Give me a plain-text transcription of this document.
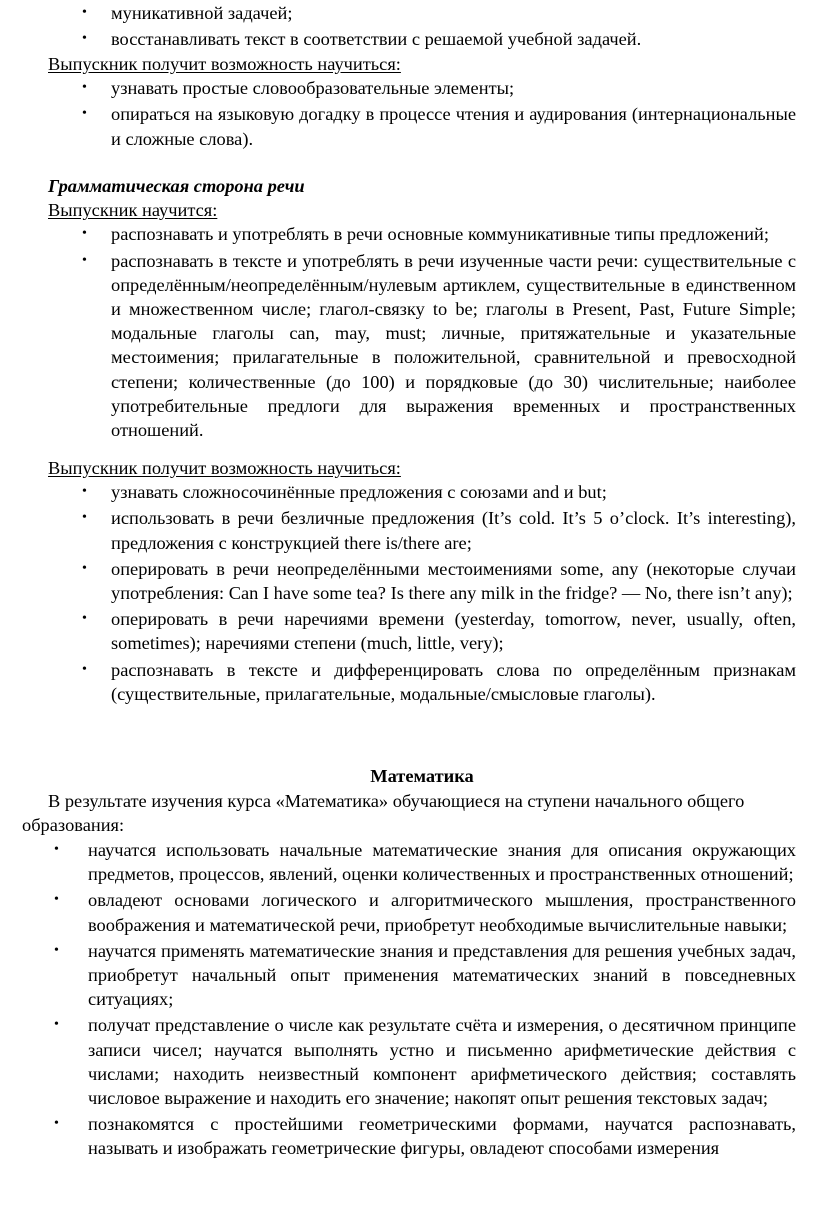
• муникативной задачей;
• восстанавливать текст в соответствии с решаемой учебной задачей.
Выпускник получит возможность научиться:
• узнавать простые словообразовательные элементы;
• опираться на языковую догадку в процессе чтения и аудирования (интернациональные и сложные слова).
Грамматическая сторона речи
Выпускник научится:
• распознавать и употреблять в речи основные коммуникативные типы предложений;
• распознавать в тексте и употреблять в речи изученные части речи: существительные с определённым/неопределённым/нулевым артиклем, существительные в единственном и множественном числе; глагол-связку to be; глаголы в Present, Past, Future Simple; модальные глаголы can, may, must; личные, притяжательные и указательные местоимения; прилагательные в положительной, сравнительной и превосходной степени; количественные (до 100) и порядковые (до 30) числительные; наиболее употребительные предлоги для выражения временных и пространственных отношений.
Выпускник получит возможность научиться:
• узнавать сложносочинённые предложения с союзами and и but;
• использовать в речи безличные предложения (It’s cold. It’s 5 o’clock. It’s interesting), предложения с конструкцией there is/there are;
• оперировать в речи неопределёнными местоимениями some, any (некоторые случаи употребления: Can I have some tea? Is there any milk in the fridge? — No, there isn’t any);
• оперировать в речи наречиями времени (yesterday, tomorrow, never, usually, often, sometimes); наречиями степени (much, little, very);
• распознавать в тексте и дифференцировать слова по определённым признакам (существительные, прилагательные, модальные/смысловые глаголы).
Математика
В результате изучения курса «Математика» обучающиеся на ступени начального общего
образования:
• научатся использовать начальные математические знания для описания окружающих предметов, процессов, явлений, оценки количественных и пространственных отношений;
• овладеют основами логического и алгоритмического мышления, пространственного воображения и математической речи, приобретут необходимые вычислительные навыки;
• научатся применять математические знания и представления для решения учебных задач, приобретут начальный опыт применения математических знаний в повседневных ситуациях;
• получат представление о числе как результате счёта и измерения, о десятичном принципе записи чисел; научатся выполнять устно и письменно арифметические действия с числами; находить неизвестный компонент арифметического действия; составлять числовое выражение и находить его значение; накопят опыт решения текстовых задач;
• познакомятся с простейшими геометрическими формами, научатся распознавать, называть и изображать геометрические фигуры, овладеют способами измерения
